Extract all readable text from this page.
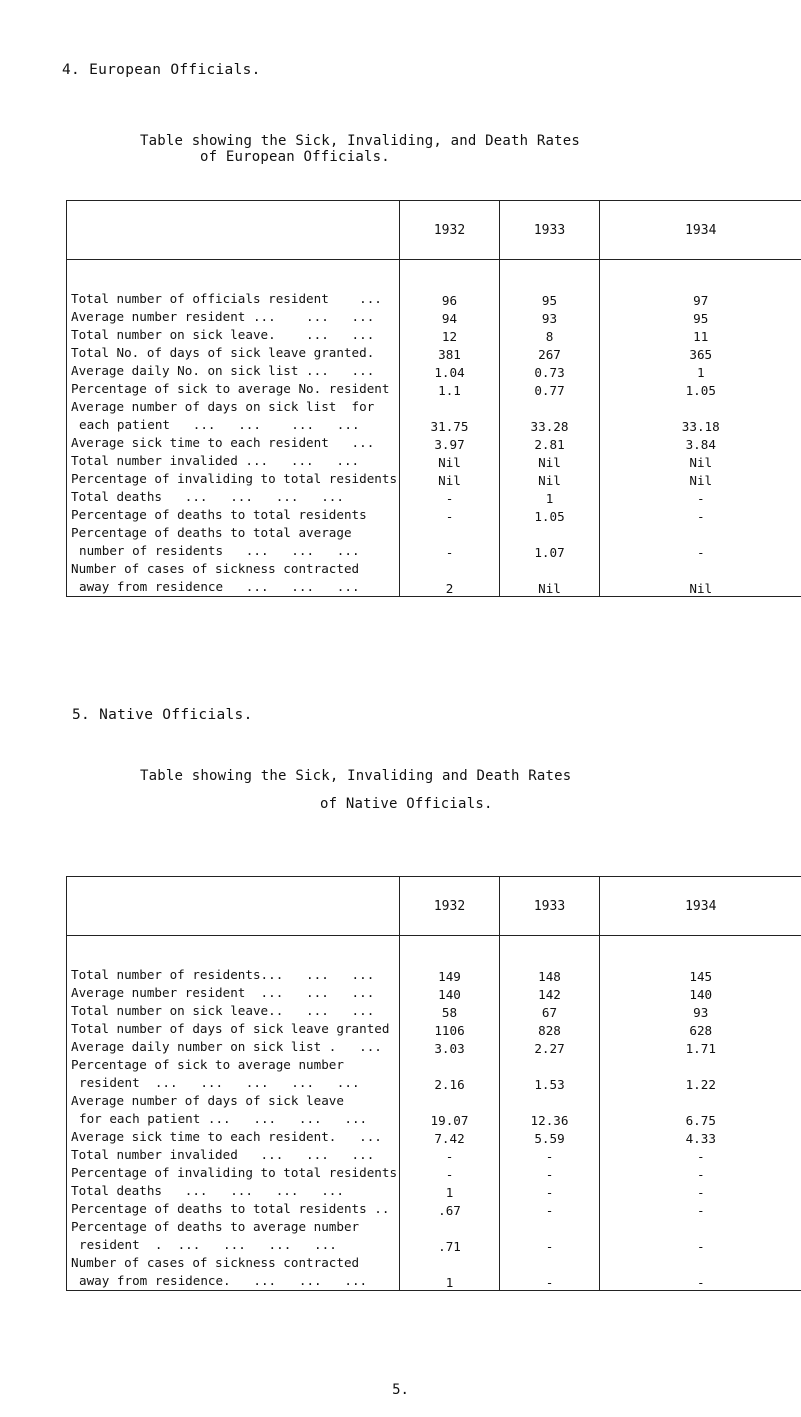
4. European Officials.
Table showing the Sick, Invaliding, and Death Rates
of European Officials.
	1932	1933	1934

Total number of officials resident    ...	96	95	97

Average number resident ...    ...   ...	94	93	95

Total number on sick leave.    ...   ...	12	8	11

Total No. of days of sick leave granted.	381	267	365

Average daily No. on sick list ...   ...	1.04	0.73	1

Percentage of sick to average No. resident	1.1	0.77	1.05

Average number of days on sick list  for
each patient   ...   ...    ...   ...	31.75	33.28	33.18

Average sick time to each resident   ...	3.97	2.81	3.84

Total number invalided ...   ...   ...	Nil	Nil	Nil

Percentage of invaliding to total residents	Nil	Nil	Nil

Total deaths   ...   ...   ...   ...	-	1	-

Percentage of deaths to total residents	-	1.05	-

Percentage of deaths to total average
number of residents   ...   ...   ...	-	1.07	-

Number of cases of sickness contracted
away from residence   ...   ...   ...	2	Nil	Nil
5. Native Officials.
Table showing the Sick, Invaliding and Death Rates
of Native Officials.
	1932	1933	1934

Total number of residents...   ...   ...	149	148	145

Average number resident  ...   ...   ...	140	142	140

Total number on sick leave..   ...   ...	58	67	93

Total number of days of sick leave granted	1106	828	628

Average daily number on sick list .   ...	3.03	2.27	1.71

Percentage of sick to average number
resident  ...   ...   ...   ...   ...	2.16	1.53	1.22

Average number of days of sick leave
for each patient ...   ...   ...   ...	19.07	12.36	6.75

Average sick time to each resident.   ...	7.42	5.59	4.33

Total number invalided   ...   ...   ...	-	-	-

Percentage of invaliding to total residents	-	-	-

Total deaths   ...   ...   ...   ...	1	-	-

Percentage of deaths to total residents ..	.67	-	-

Percentage of deaths to average number
resident  .  ...   ...   ...   ...	.71	-	-

Number of cases of sickness contracted
away from residence.   ...   ...   ...	1	-	-
5.
